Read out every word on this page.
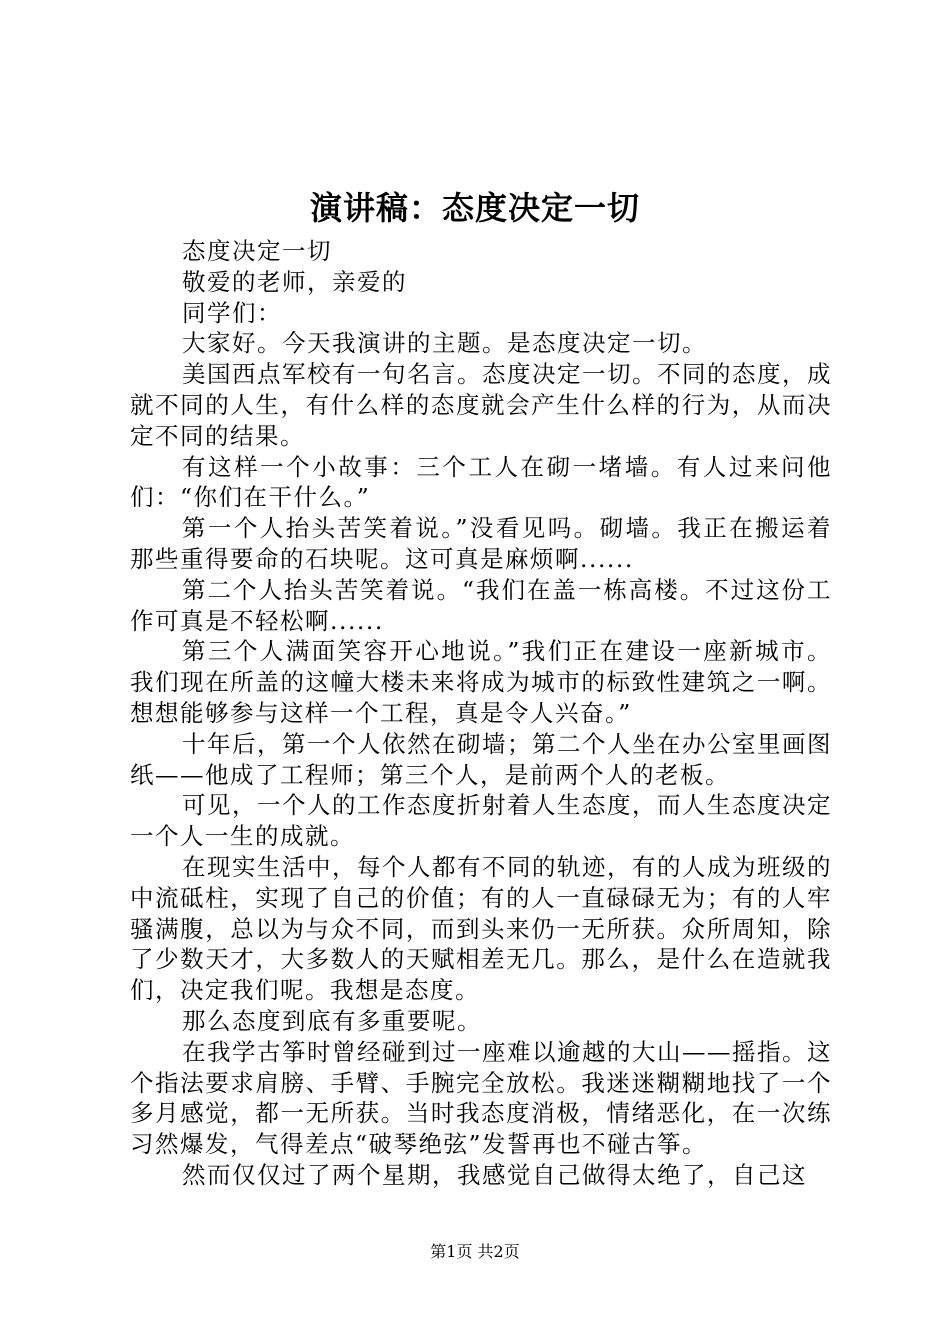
演讲稿：态度决定一切

态度决定一切

敬爱的老师，亲爱的

同学们：

大家好。今天我演讲的主题。是态度决定一切。

美国西点军校有一句名言。态度决定一切。不同的态度，成就不同的人生，有什么样的态度就会产生什么样的行为，从而决定不同的结果。

有这样一个小故事：三个工人在砌一堵墙。有人过来问他们：“你们在干什么。”

第一个人抬头苦笑着说。”没看见吗。砌墙。我正在搬运着那些重得要命的石块呢。这可真是麻烦啊......

第二个人抬头苦笑着说。“我们在盖一栋高楼。不过这份工作可真是不轻松啊......

第三个人满面笑容开心地说。”我们正在建设一座新城市。我们现在所盖的这幢大楼未来将成为城市的标致性建筑之一啊。想想能够参与这样一个工程，真是令人兴奋。”

十年后，第一个人依然在砌墙；第二个人坐在办公室里画图纸——他成了工程师；第三个人，是前两个人的老板。

可见，一个人的工作态度折射着人生态度，而人生态度决定一个人一生的成就。

在现实生活中，每个人都有不同的轨迹，有的人成为班级的中流砥柱，实现了自己的价值；有的人一直碌碌无为；有的人牢骚满腹，总以为与众不同，而到头来仍一无所获。众所周知，除了少数天才，大多数人的天赋相差无几。那么，是什么在造就我们，决定我们呢。我想是态度。

那么态度到底有多重要呢。

在我学古筝时曾经碰到过一座难以逾越的大山——摇指。这个指法要求肩膀、手臂、手腕完全放松。我迷迷糊糊地找了一个多月感觉，都一无所获。当时我态度消极，情绪恶化，在一次练习然爆发，气得差点“破琴绝弦”发誓再也不碰古筝。

然而仅仅过了两个星期，我感觉自己做得太绝了，自己这

第1页 共2页
